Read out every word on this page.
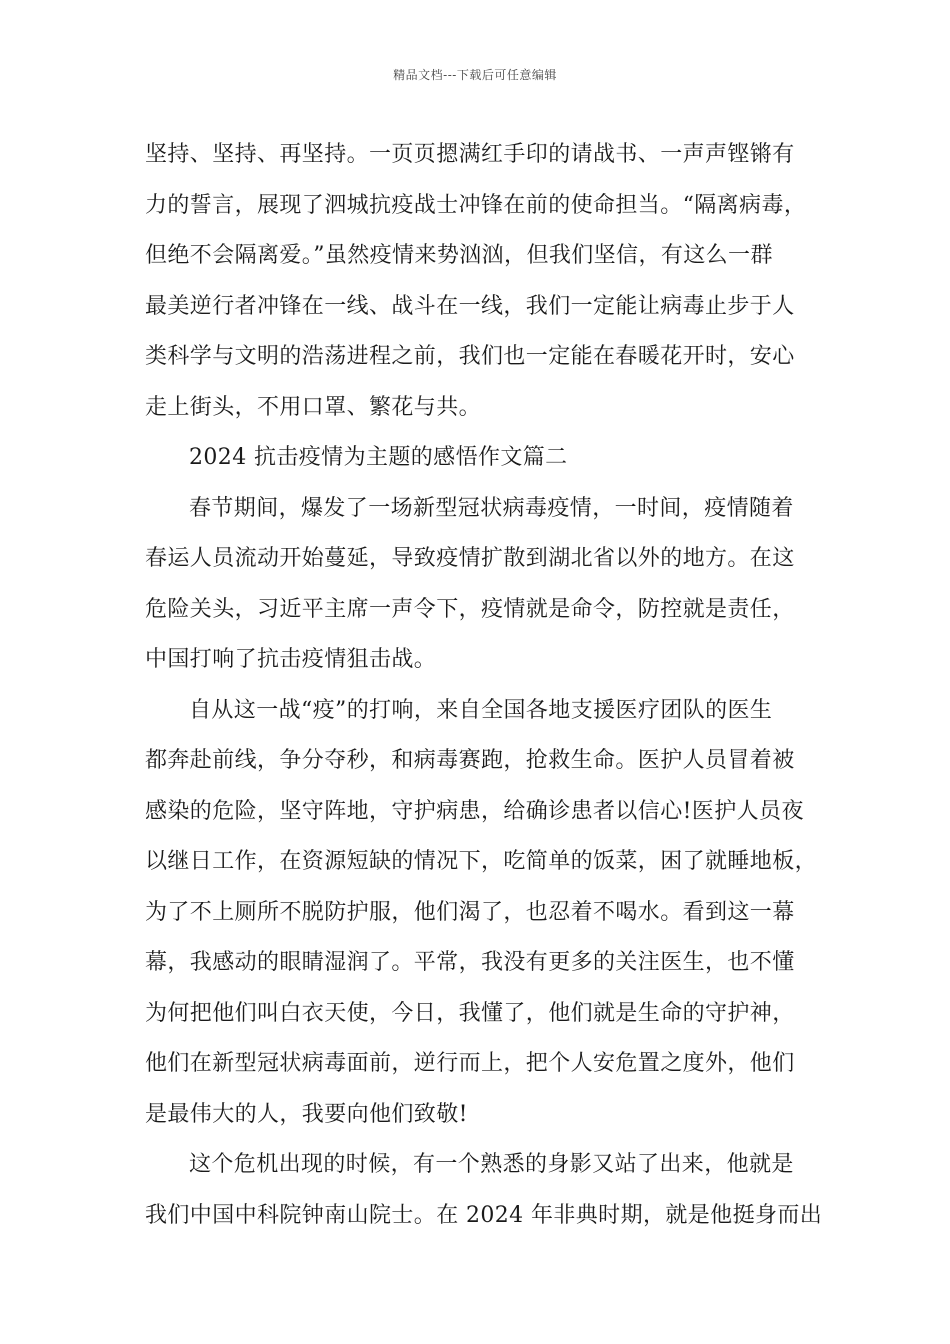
精品文档---下载后可任意编辑
坚持、坚持、再坚持。一页页摁满红手印的请战书、一声声铿锵有
力的誓言，展现了泗城抗疫战士冲锋在前的使命担当。“隔离病毒，
但绝不会隔离爱。”虽然疫情来势汹汹，但我们坚信，有这么一群
最美逆行者冲锋在一线、战斗在一线，我们一定能让病毒止步于人
类科学与文明的浩荡进程之前，我们也一定能在春暖花开时，安心
走上街头，不用口罩、繁花与共。
2024 抗击疫情为主题的感悟作文篇二
春节期间，爆发了一场新型冠状病毒疫情，一时间，疫情随着
春运人员流动开始蔓延，导致疫情扩散到湖北省以外的地方。在这
危险关头，习近平主席一声令下，疫情就是命令，防控就是责任，
中国打响了抗击疫情狙击战。
自从这一战“疫”的打响，来自全国各地支援医疗团队的医生
都奔赴前线，争分夺秒，和病毒赛跑，抢救生命。医护人员冒着被
感染的危险，坚守阵地，守护病患，给确诊患者以信心!医护人员夜
以继日工作，在资源短缺的情况下，吃简单的饭菜，困了就睡地板，
为了不上厕所不脱防护服，他们渴了，也忍着不喝水。看到这一幕
幕，我感动的眼睛湿润了。平常，我没有更多的关注医生，也不懂
为何把他们叫白衣天使，今日，我懂了，他们就是生命的守护神，
他们在新型冠状病毒面前，逆行而上，把个人安危置之度外，他们
是最伟大的人，我要向他们致敬!
这个危机出现的时候，有一个熟悉的身影又站了出来，他就是
我们中国中科院钟南山院士。在 2024 年非典时期，就是他挺身而出
